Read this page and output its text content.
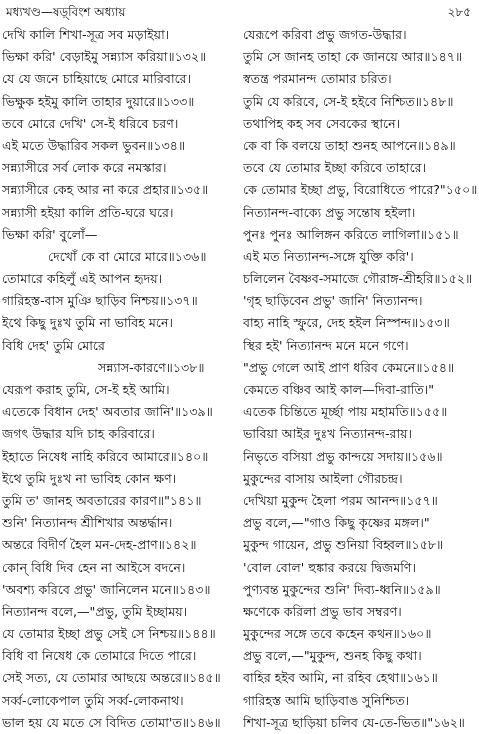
মধ্যখণ্ড—ষড়্‌বিংশ অধ্যায়	২৮৫
দেখি কালি শিখা-সূত্র সব মড়াইয়া।
ভিক্ষা করি' বেড়াইমু সন্ন্যাস করিয়া॥১৩২॥
যে যে জনে চাহিয়াছে মোরে মারিবারে।
ভিক্ষুক হইমু কালি তাহার দুয়ারে॥১৩৩॥
তবে মোরে দেখি' সে-ই ধরিবে চরণ।
এই মতে উদ্ধারিব সকল ভুবন॥১৩৪॥
সন্ন্যাসীরে সর্ব লোক করে নমস্কার।
সন্ন্যাসীরে কেহ আর না করে প্রহার॥১৩৫॥
সন্ন্যাসী হইয়া কালি প্রতি-ঘরে ঘরে।
ভিক্ষা করি' বুলোঁ—
দেখোঁ কে বা মোরে মারে॥১৩৬॥
তোমারে কহিলুঁ এই আপন হৃদয়।
গারিহস্ত-বাস মুঞি ছাড়িব নিশ্চয়॥১৩৭॥
ইথে কিছু দুঃখ তুমি না ভাবিহ মনে।
বিধি দেহ' তুমি মোরে
সন্ন্যাস-কারণে॥১৩৮॥
যেরূপ করাহ তুমি, সে-ই হই আমি।
এতেকে বিধান দেহ' অবতার জানি'॥১৩৯॥
জগৎ উদ্ধার যদি চাহ করিবারে।
ইহাতে নিষেধ নাহি করিবে আমারে॥১৪০॥
ইথে তুমি দুঃখ না ভাবিহ কোন ক্ষণ।
তুমি ত' জানহ অবতারের কারণ॥"১৪১॥
শুনি' নিত্যানন্দ শ্রীশিখার অন্তর্দ্ধান।
অন্তরে বিদীর্ণ হৈল মন-দেহ-প্রাণ॥১৪২॥
কোন্ বিধি দিব হেন না আইসে বদনে।
'অবশ্য করিবে প্রভু' জানিলেন মনে॥১৪৩॥
নিত্যানন্দ বলে,—"প্রভু, তুমি ইচ্ছাময়।
যে তোমার ইচ্ছা প্রভু সেই সে নিশ্চয়॥১৪৪॥
বিধি বা নিষেধ কে তোমারে দিতে পারে।
সেই সত্য, যে তোমার আছয়ে অন্তরে॥১৪৫॥
সর্ব্ব-লোকেপাল তুমি সর্ব্ব-লোকনাথ।
ভাল হয় যে মতে সে বিদিত তোমা'ত॥১৪৬॥
যেরূপে করিবা প্রভু জগত-উদ্ধার।
তুমি সে জানহ তাহা কে জানয়ে আর॥১৪৭॥
স্বতন্ত্র পরমানন্দ তোমার চরিত।
তুমি যে করিবে, সে-ই হইবে নিশ্চিত॥১৪৮॥
তথাপিহ কহ সব সেবকের স্থানে।
কে বা কি বলয়ে তাহা শুনহ আপনে॥১৪৯॥
তবে যে তোমার ইচ্ছা করিবে তাহারে।
কে তোমার ইচ্ছা প্রভু, বিরোধিতে পারে?"১৫০॥
নিত্যানন্দ-বাক্যে প্রভু সন্তোষ হইলা।
পুনঃ পুনঃ আলিঙ্গন করিতে লাগিলা॥১৫১॥
এই মত নিত্যানন্দ-সঙ্গে যুক্তি করি'।
চলিলেন বৈষ্ণব-সমাজে গৌরাঙ্গ-শ্রীহরি॥১৫২॥
'গৃহ ছাড়িবেন প্রভু' জানি' নিত্যানন্দ।
বাহ্য নাহি স্ফুরে, দেহ হইল নিস্পন্দ॥১৫৩॥
স্থির হই' নিত্যানন্দ মনে মনে গণে।
"প্রভু গেলে আই প্রাণ ধরিব কেমনে॥১৫৪॥
কেমতে বঞ্চিব আই কাল—দিবা-রাতি।"
এতেক চিন্তিতে মূর্চ্ছা পায় মহামতি॥১৫৫॥
ভাবিয়া আইর দুঃখ নিত্যানন্দ-রায়।
নিভৃতে বসিয়া প্রভু কান্দয়ে সদায়॥১৫৬॥
মুকুন্দের বাসায় আইলা গৌরচন্দ্র।
দেখিয়া মুকুন্দ হৈলা পরম আনন্দ॥১৫৭॥
প্রভু বলে,—"গাও কিছু কৃষ্ণের মঙ্গল।"
মুকুন্দ গায়েন, প্রভু শুনিয়া বিহ্বল॥১৫৮॥
'বোল বোল' হুঙ্কার করয়ে দ্বিজমণি।
পুণ্যবন্ত মুকুন্দের শুনি' দিব্য-ধ্বনি॥১৫৯॥
ক্ষণেকে করিলা প্রভু ভাব সম্বরণ।
মুকুন্দের সঙ্গে তবে কহেন কথন॥১৬০॥
প্রভু বলে,—"মুকুন্দ, শুনহ কিছু কথা।
বাহির হইব আমি, না রহিব হেথা॥১৬১॥
গারিহস্ত আমি ছাড়িবাঙ সুনিশ্চিত।
শিখা-সূত্র ছাড়িয়া চলিব যে-তে-ভিত॥"১৬২॥
